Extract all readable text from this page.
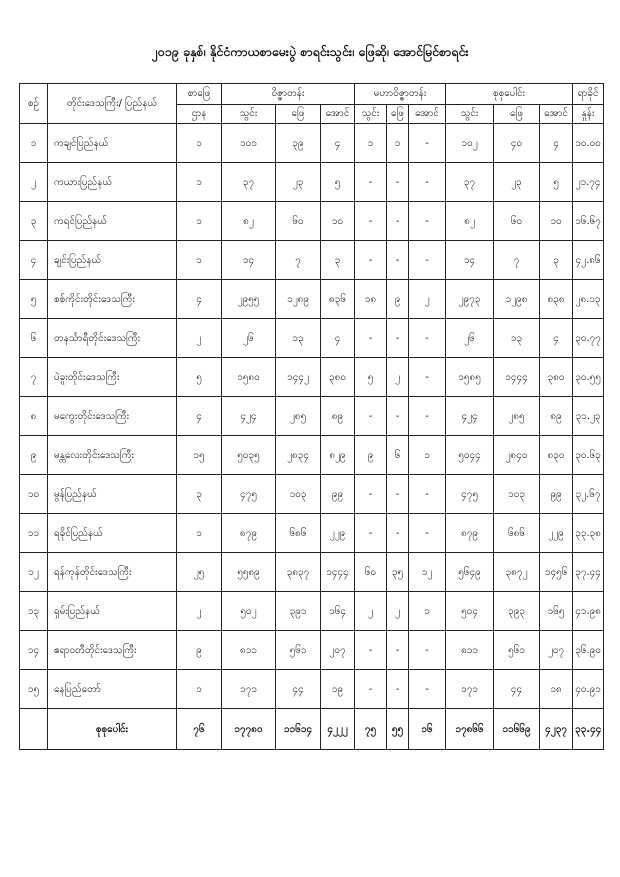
၂၀၁၉ ခုနှစ်၊ နိုင်ငံကာယစာမေးပွဲ စာရင်းသွင်း၊ ဖြေဆို၊ အောင်မြင်စာရင်း
စဉ်	တိုင်းဒေသကြီး/ ပြည်နယ်	စာဖြေ	ဝိဇ္ဇာတန်း			မဟာဝိဇ္ဇာတန်း			စုစုပေါင်း			ရာခိုင်
		ဌာန	သွင်း	ဖြေ	အောင်	သွင်း	ဖြေ	အောင်	သွင်း	ဖြေ	အောင်	နှုန်း
၁	ကချင်ပြည်နယ်	၁	၁၀၁	၃၉	၄	၁	၁	-	၁၀၂	၄၀	၄	၁၀.၀၀
၂	ကယားပြည်နယ်	၁	၃၇	၂၃	၅	-	-	-	၃၇	၂၃	၅	၂၁.၇၄
၃	ကရင်ပြည်နယ်	၁	၈၂	၆၀	၁၀	-	-	-	၈၂	၆၀	၁၀	၁၆.၆၇
၄	ချင်းပြည်နယ်	၁	၁၄	၇	၃	-	-	-	၁၄	၇	၃	၄၂.၈၆
၅	စစ်ကိုင်းတိုင်းဒေသကြီး	၄	၂၉၅၅	၁၂၈၉	၈၃၆	၁၈	၉	၂	၂၉၇၃	၁၂၉၈	၈၃၈	၂၈.၁၃
၆	တနင်္သာရီတိုင်းဒေသကြီး	၂	၂၆	၁၃	၄	-	-	-	၂၆	၁၃	၄	၃၀.၇၇
၇	ပဲခူးတိုင်းဒေသကြီး	၅	၁၅၈၀	၁၄၄၂	၃၈၀	၅	၂	-	၁၅၈၅	၁၄၄၄	၃၈၀	၃၀.၅၅
၈	မကွေးတိုင်းဒေသကြီး	၄	၄၂၄	၂၈၅	၈၉	-	-	-	၄၂၄	၂၈၅	၈၉	၃၁.၂၃
၉	မန္တလေးတိုင်းဒေသကြီး	၁၅	၅၀၃၅	၂၈၃၄	၈၂၉	၉	၆	၁	၅၀၄၄	၂၈၄၀	၈၃၀	၃၀.၆၃
၁၀	မွန်ပြည်နယ်	၃	၄၇၅	၁၀၃	၉၉	-	-	-	၄၇၅	၁၀၃	၉၉	၃၂.၆၇
၁၁	ရခိုင်ပြည်နယ်	၁	၈၇၉	၆၈၆	၂၂၉	-	-	-	၈၇၉	၆၈၆	၂၂၉	၃၃.၃၈
၁၂	ရန်ကုန်တိုင်းဒေသကြီး	၂၅	၅၅၈၉	၃၈၃၇	၁၄၄၄	၆၀	၃၅	၁၂	၅၆၄၉	၃၈၇၂	၁၄၅၆	၃၇.၄၄
၁၃	ရှမ်းပြည်နယ်	၂	၅၀၂	၃၉၁	၁၆၄	၂	၂	၁	၅၀၄	၃၉၃	၁၆၅	၄၁.၉၈
၁၄	ဧရာဝတီတိုင်းဒေသကြီး	၉	၈၁၁	၅၆၁	၂၀၇	-	-	-	၈၁၁	၅၆၁	၂၀၇	၃၆.၉၀
၁၅	နေပြည်တော်	၁	၁၇၁	၄၄	၁၉	-	-	-	၁၇၁	၄၄	၁၈	၄၀.၉၁
	စုစုပေါင်း	၇၆	၁၇၇၈၀	၁၁၆၁၄	၄၂၂၂	၇၅	၅၅	၁၆	၁၇၈၆၆	၁၁၆၆၉	၄၂၃၇	၃၃.၄၄
